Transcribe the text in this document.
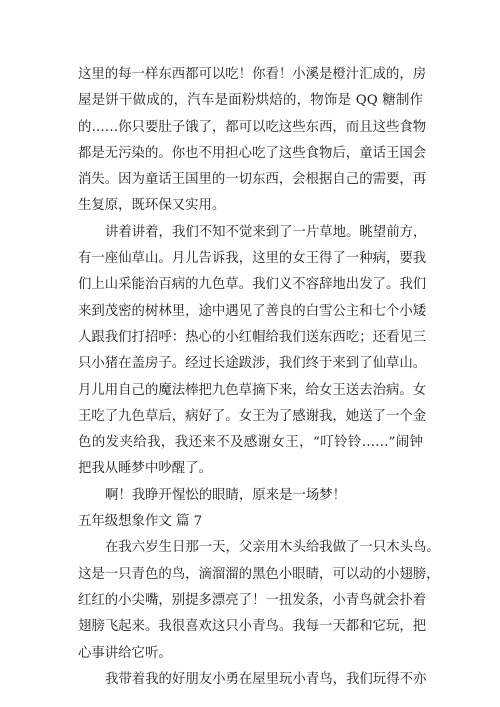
这里的每一样东西都可以吃！你看！小溪是橙汁汇成的，房
屋是饼干做成的，汽车是面粉烘焙的，物饰是 QQ 糖制作
的……你只要肚子饿了，都可以吃这些东西，而且这些食物
都是无污染的。你也不用担心吃了这些食物后，童话王国会
消失。因为童话王国里的一切东西，会根据自己的需要，再
生复原，既环保又实用。
讲着讲着，我们不知不觉来到了一片草地。眺望前方，
有一座仙草山。月儿告诉我，这里的女王得了一种病，要我
们上山采能治百病的九色草。我们义不容辞地出发了。我们
来到茂密的树林里，途中遇见了善良的白雪公主和七个小矮
人跟我们打招呼：热心的小红帽给我们送东西吃；还看见三
只小猪在盖房子。经过长途跋涉，我们终于来到了仙草山。
月儿用自己的魔法棒把九色草摘下来，给女王送去治病。女
王吃了九色草后，病好了。女王为了感谢我，她送了一个金
色的发夹给我，我还来不及感谢女王，“叮铃铃……”闹钟
把我从睡梦中吵醒了。
啊！我睁开惺忪的眼睛，原来是一场梦！
五年级想象作文 篇 7
在我六岁生日那一天，父亲用木头给我做了一只木头鸟。
这是一只青色的鸟，滴溜溜的黑色小眼睛，可以动的小翅膀，
红红的小尖嘴，别提多漂亮了！一扭发条，小青鸟就会扑着
翅膀飞起来。我很喜欢这只小青鸟。我每一天都和它玩，把
心事讲给它听。
我带着我的好朋友小勇在屋里玩小青鸟，我们玩得不亦
